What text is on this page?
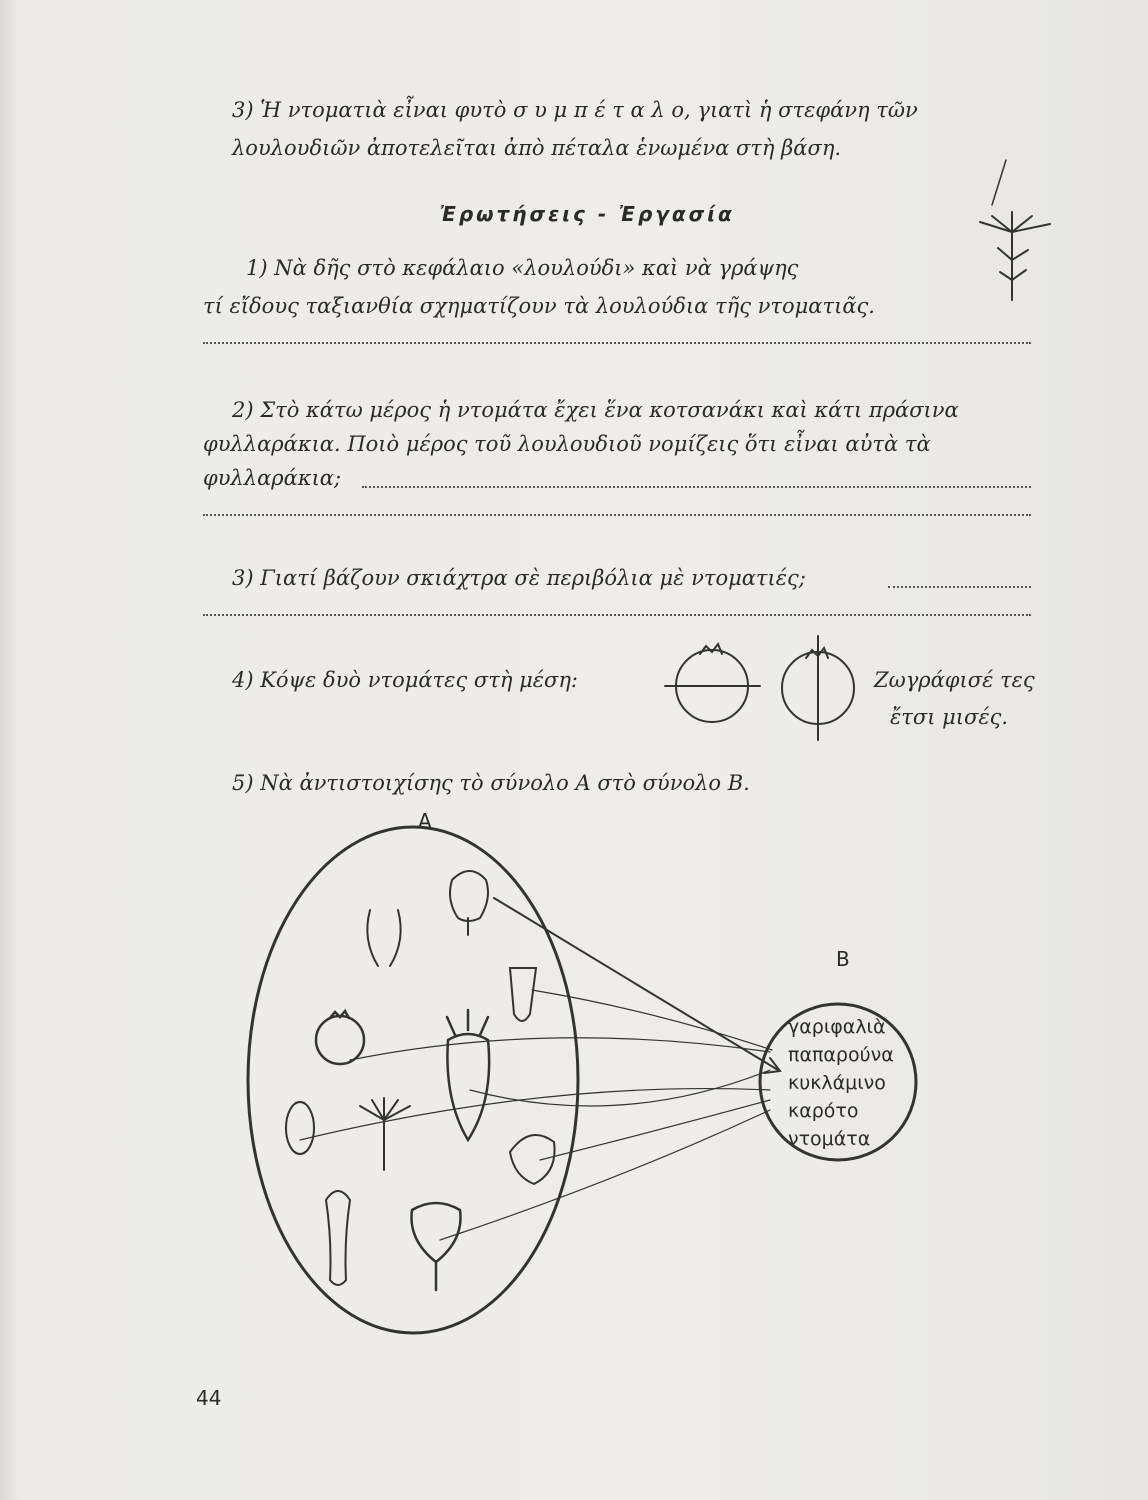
3) Ἡ ντοματιὰ εἶναι φυτὸ σ υ μ π έ τ α λ ο, γιατὶ ἡ στεφάνη τῶν
λουλουδιῶν ἀποτελεῖται ἀπὸ πέταλα ἑνωμένα στὴ βάση.
Ἐρωτήσεις - Ἐργασία
1) Νὰ δῆς στὸ κεφάλαιο «λουλούδι» καὶ νὰ γράψης
τί εἴδους ταξιανθία σχηματίζουν τὰ λουλούδια τῆς ντοματιᾶς.
2) Στὸ κάτω μέρος ἡ ντομάτα ἔχει ἕνα κοτσανάκι καὶ κάτι πράσινα
φυλλαράκια. Ποιὸ μέρος τοῦ λουλουδιοῦ νομίζεις ὅτι εἶναι αὐτὰ τὰ
φυλλαράκια;
3) Γιατί βάζουν σκιάχτρα σὲ περιβόλια μὲ ντοματιές;
4) Κόψε δυὸ ντομάτες στὴ μέση:	Ζωγράφισέ τες
ἔτσι μισές.
5) Νὰ ἀντιστοιχίσης τὸ σύνολο Α στὸ σύνολο Β.
A
B
γαριφαλιὰ
παπαρούνα
κυκλάμινο
καρότο
ντομάτα
44
